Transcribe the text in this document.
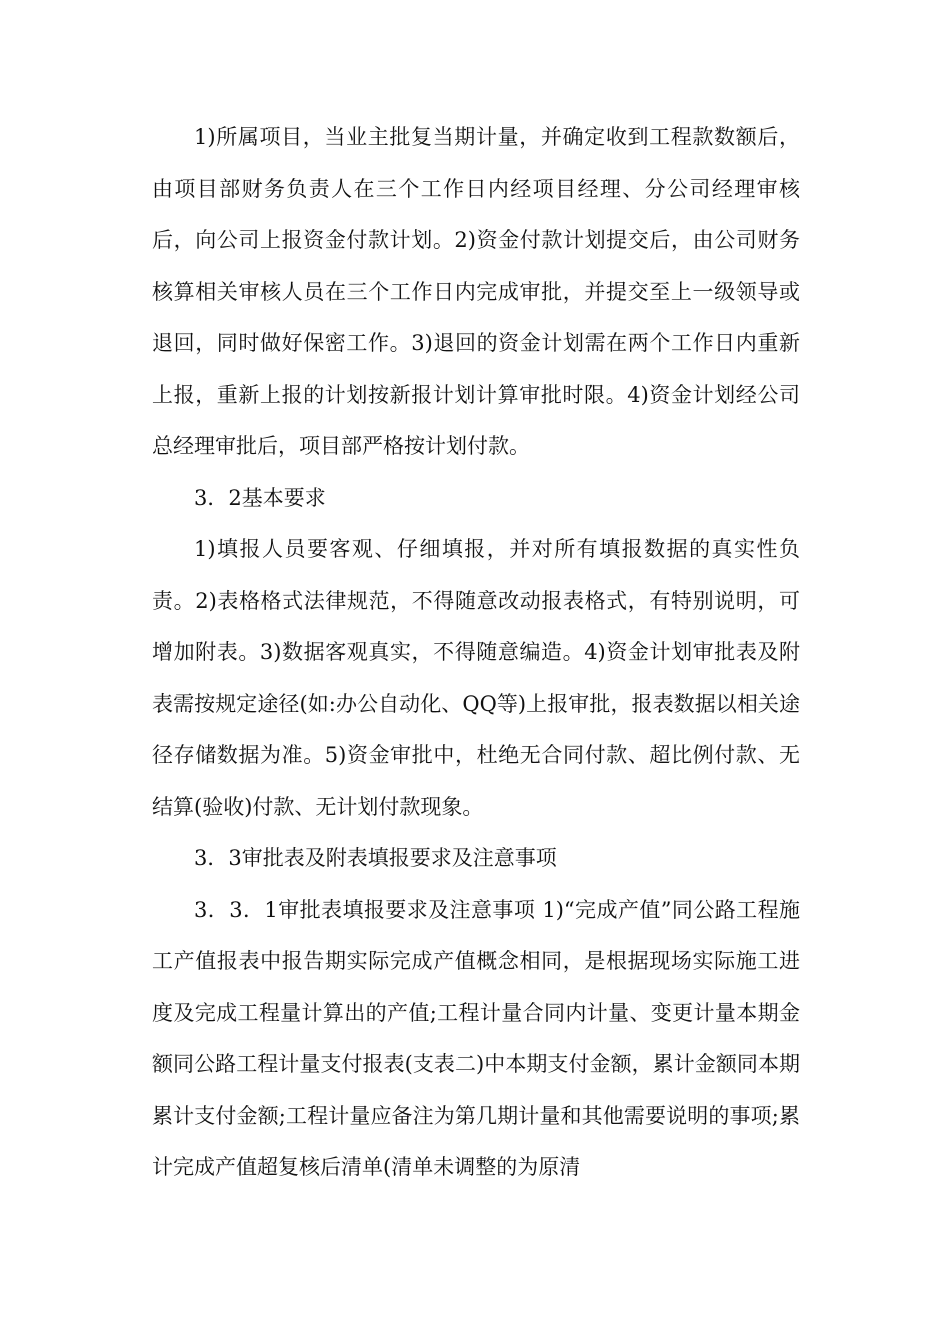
1)所属项目，当业主批复当期计量，并确定收到工程款数额后，由项目部财务负责人在三个工作日内经项目经理、分公司经理审核后，向公司上报资金付款计划。2)资金付款计划提交后，由公司财务核算相关审核人员在三个工作日内完成审批，并提交至上一级领导或退回，同时做好保密工作。3)退回的资金计划需在两个工作日内重新上报，重新上报的计划按新报计划计算审批时限。4)资金计划经公司总经理审批后，项目部严格按计划付款。

3．2基本要求

1)填报人员要客观、仔细填报，并对所有填报数据的真实性负责。2)表格格式法律规范，不得随意改动报表格式，有特别说明，可增加附表。3)数据客观真实，不得随意编造。4)资金计划审批表及附表需按规定途径(如:办公自动化、QQ等)上报审批，报表数据以相关途径存储数据为准。5)资金审批中，杜绝无合同付款、超比例付款、无结算(验收)付款、无计划付款现象。

3．3审批表及附表填报要求及注意事项

3．3．1审批表填报要求及注意事项 1)“完成产值”同公路工程施工产值报表中报告期实际完成产值概念相同，是根据现场实际施工进度及完成工程量计算出的产值;工程计量合同内计量、变更计量本期金额同公路工程计量支付报表(支表二)中本期支付金额，累计金额同本期累计支付金额;工程计量应备注为第几期计量和其他需要说明的事项;累计完成产值超复核后清单(清单未调整的为原清
